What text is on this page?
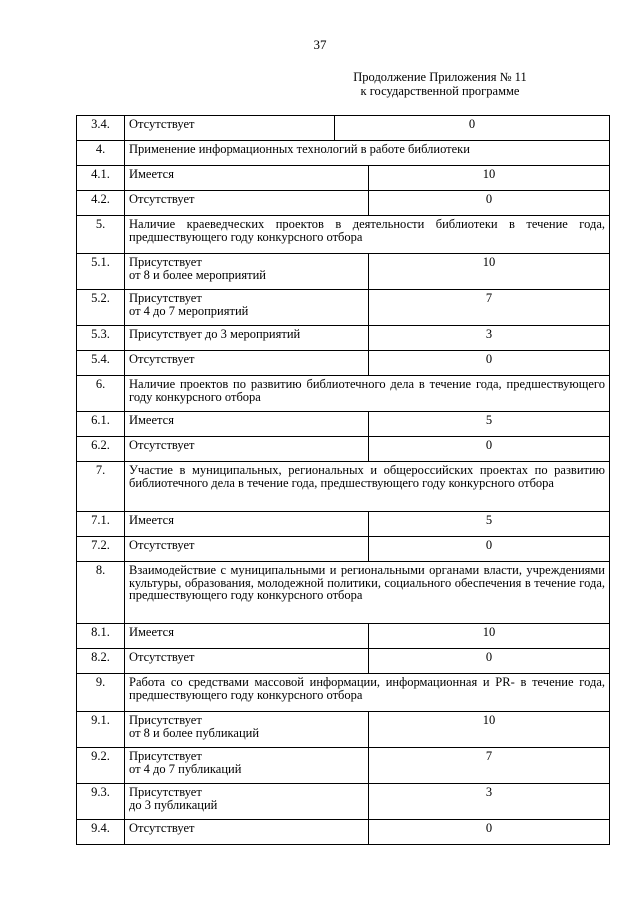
37
Продолжение Приложения № 11
к государственной программе
3.4.	Отсутствует	0	
4.	Применение информационных технологий в работе библиотеки		
4.1.	Имеется		10
4.2.	Отсутствует		0
5.	Наличие краеведческих проектов в деятельности библиотеки в течение года, предшествующего году конкурсного отбора		
5.1.	Присутствует
от 8 и более мероприятий		10
5.2.	Присутствует
от 4 до 7 мероприятий		7
5.3.	Присутствует до 3 мероприятий		3
5.4.	Отсутствует		0
6.	Наличие проектов по развитию библиотечного дела в течение года, предшествующего году конкурсного отбора		
6.1.	Имеется		5
6.2.	Отсутствует		0
7.	Участие в муниципальных, региональных и общероссийских проектах по развитию библиотечного дела в течение года, предшествующего году конкурсного отбора		
7.1.	Имеется		5
7.2.	Отсутствует		0
8.	Взаимодействие с муниципальными и региональными органами власти, учреждениями культуры, образования, молодежной политики, социального обеспечения в течение года, предшествующего году конкурсного отбора		
8.1.	Имеется		10
8.2.	Отсутствует		0
9.	Работа со средствами массовой информации, информационная и PR- в течение года, предшествующего году конкурсного отбора		
9.1.	Присутствует
от 8 и более публикаций		10
9.2.	Присутствует
от 4 до 7 публикаций		7
9.3.	Присутствует
до 3 публикаций		3
9.4.	Отсутствует		0
